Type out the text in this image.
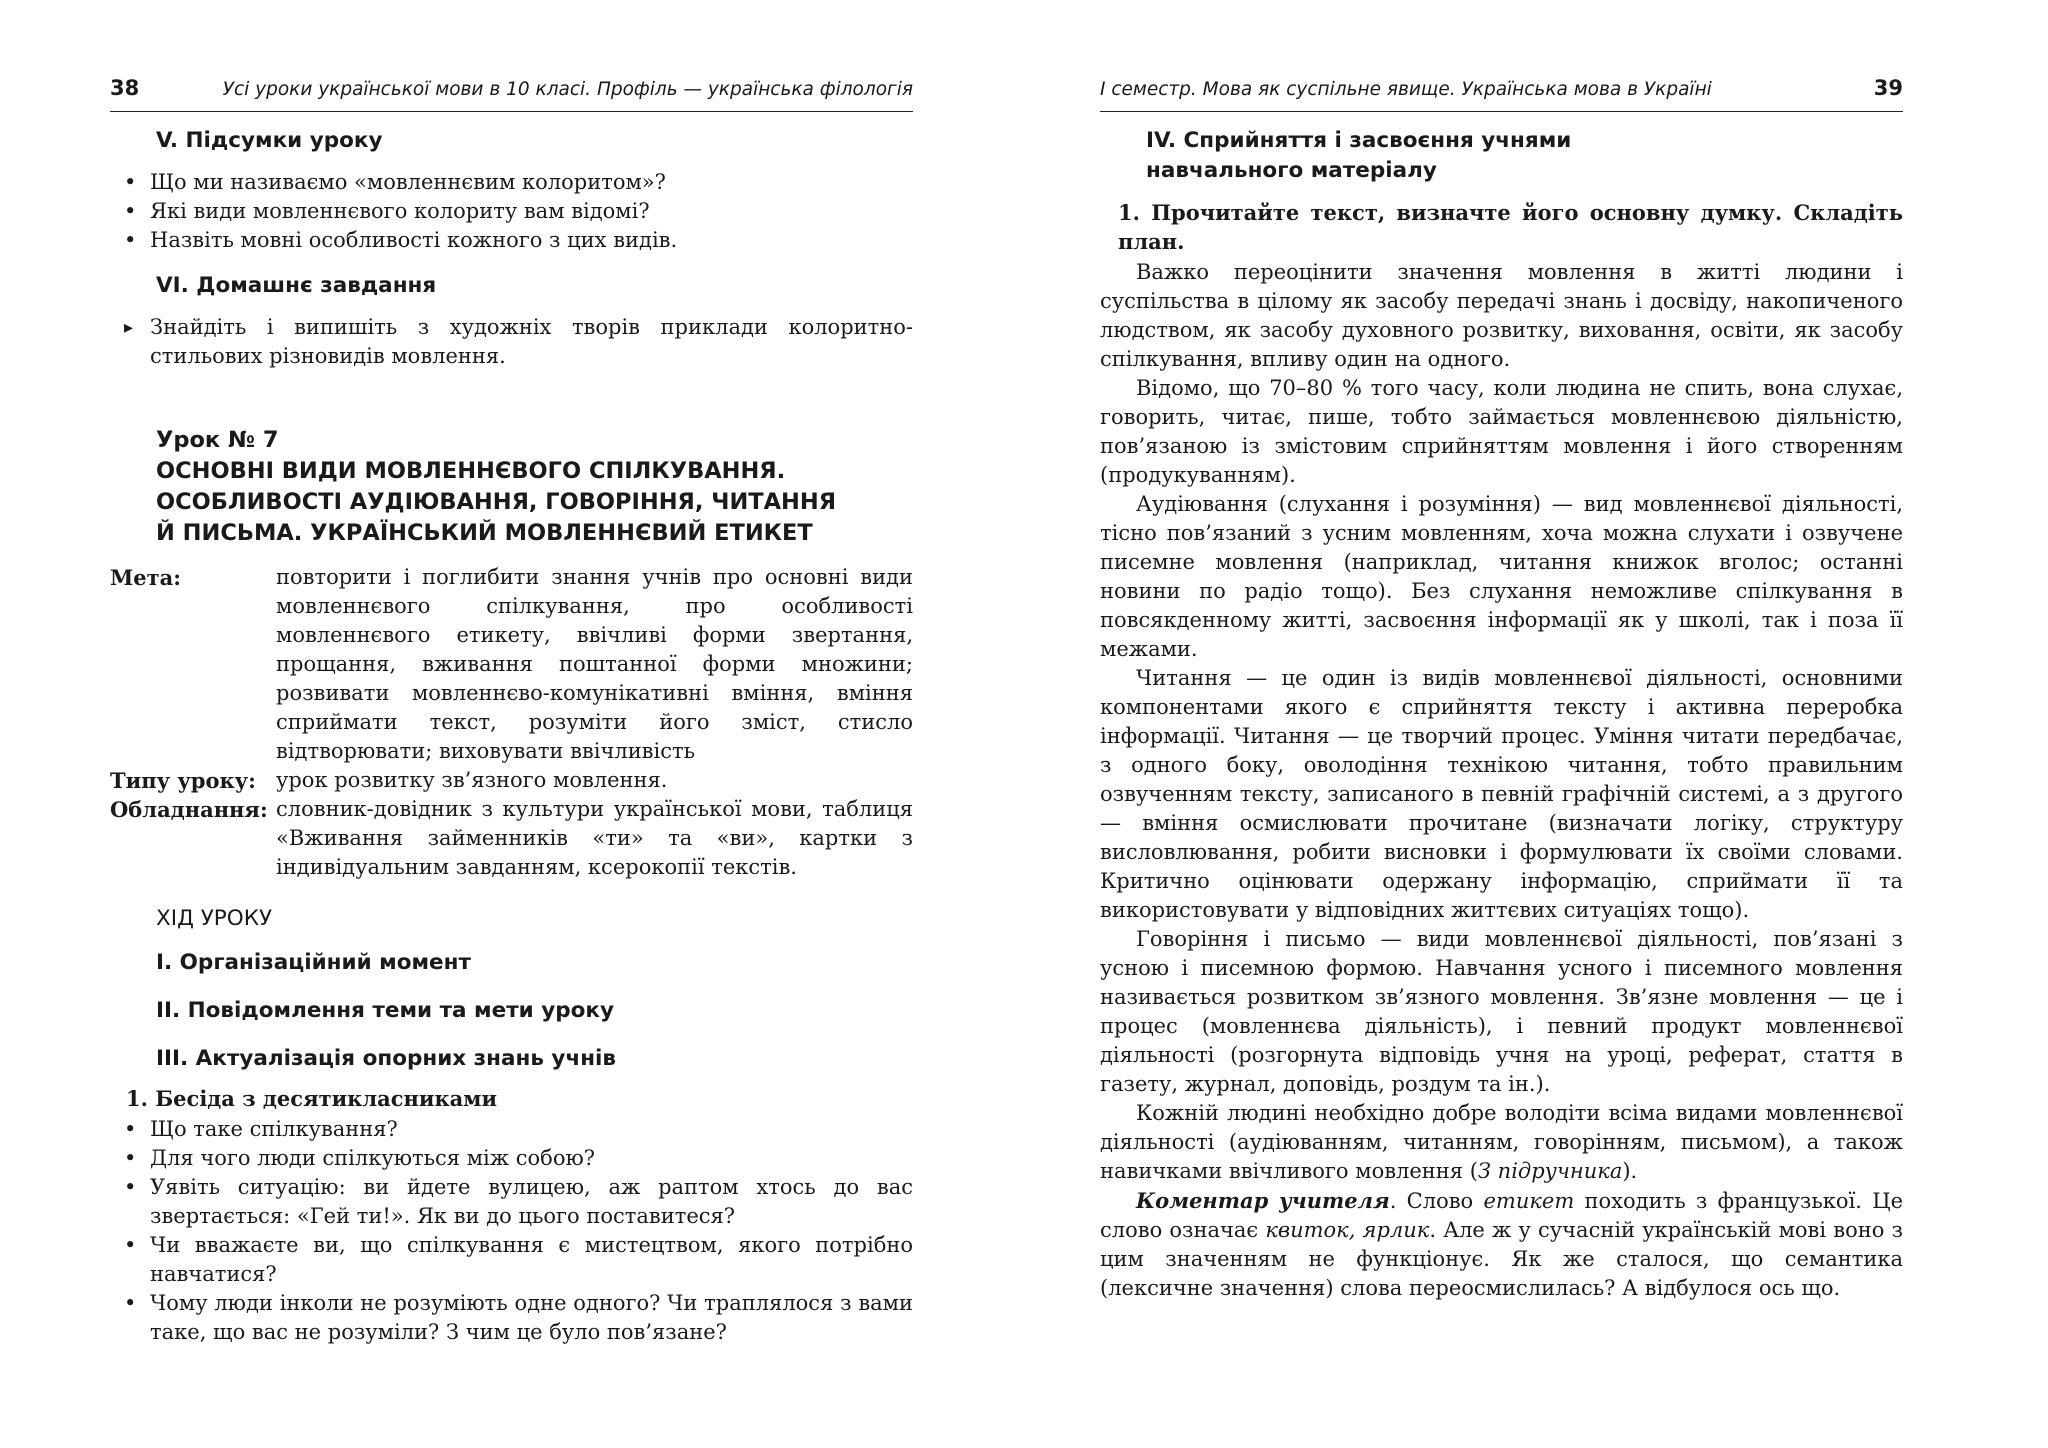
38	Усі уроки української мови в 10 класі. Профіль — українська філологія
V. Підсумки уроку
• Що ми називаємо «мовленнєвим колоритом»?
• Які види мовленнєвого колориту вам відомі?
• Назвіть мовні особливості кожного з цих видів.
VI. Домашнє завдання
▸ Знайдіть і випишіть з художніх творів приклади колоритно-стильових різновидів мовлення.
Урок № 7
ОСНОВНІ ВИДИ МОВЛЕННЄВОГО СПІЛКУВАННЯ.
ОСОБЛИВОСТІ АУДІЮВАННЯ, ГОВОРІННЯ, ЧИТАННЯ
Й ПИСЬМА. УКРАЇНСЬКИЙ МОВЛЕННЄВИЙ ЕТИКЕТ
Мета:	повторити і поглибити знання учнів про основні види мовленнєвого спілкування, про особливості мовленнєвого етикету, ввічливі форми звертання, прощання, вживання поштанної форми множини; розвивати мовленнєво-комунікативні вміння, вміння сприймати текст, розуміти його зміст, стисло відтворювати; виховувати ввічливість
Типу уроку: урок розвитку зв’язного мовлення.
Обладнання: словник-довідник з культури української мови, таблиця «Вживання займенників «ти» та «ви», картки з індивідуальним завданням, ксерокопії текстів.
ХІД УРОКУ
I. Організаційний момент
II. Повідомлення теми та мети уроку
III. Актуалізація опорних знань учнів
1. Бесіда з десятикласниками
• Що таке спілкування?
• Для чого люди спілкуються між собою?
• Уявіть ситуацію: ви йдете вулицею, аж раптом хтось до вас звертається: «Гей ти!». Як ви до цього поставитеся?
• Чи вважаєте ви, що спілкування є мистецтвом, якого потрібно навчатися?
• Чому люди інколи не розуміють одне одного? Чи траплялося з вами таке, що вас не розуміли? З чим це було пов’язане?
I семестр. Мова як суспільне явище. Українська мова в Україні	39
IV. Сприйняття і засвоєння учнями
навчального матеріалу
1. Прочитайте текст, визначте його основну думку. Складіть план.

Важко переоцінити значення мовлення в житті людини і суспільства в цілому як засобу передачі знань і досвіду, накопиченого людством, як засобу духовного розвитку, виховання, освіти, як засобу спілкування, впливу один на одного.

Відомо, що 70–80 % того часу, коли людина не спить, вона слухає, говорить, читає, пише, тобто займається мовленнєвою діяльністю, пов’язаною із змістовим сприйняттям мовлення і його створенням (продукуванням).

Аудіювання (слухання і розуміння) — вид мовленнєвої діяльності, тісно пов’язаний з усним мовленням, хоча можна слухати і озвучене писемне мовлення (наприклад, читання книжок вголос; останні новини по радіо тощо). Без слухання неможливе спілкування в повсякденному житті, засвоєння інформації як у школі, так і поза її межами.

Читання — це один із видів мовленнєвої діяльності, основними компонентами якого є сприйняття тексту і активна переробка інформації. Читання — це творчий процес. Уміння читати передбачає, з одного боку, оволодіння технікою читання, тобто правильним озвученням тексту, записаного в певній графічній системі, а з другого — вміння осмислювати прочитане (визначати логіку, структуру висловлювання, робити висновки і формулювати їх своїми словами. Критично оцінювати одержану інформацію, сприймати її та використовувати у відповідних життєвих ситуаціях тощо).

Говоріння і письмо — види мовленнєвої діяльності, пов’язані з усною і писемною формою. Навчання усного і писемного мовлення називається розвитком зв’язного мовлення. Зв’язне мовлення — це і процес (мовленнєва діяльність), і певний продукт мовленнєвої діяльності (розгорнута відповідь учня на уроці, реферат, стаття в газету, журнал, доповідь, роздум та ін.).

Кожній людині необхідно добре володіти всіма видами мовленнєвої діяльності (аудіюванням, читанням, говорінням, письмом), а також навичками ввічливого мовлення (З підручника).

Коментар учителя. Слово етикет походить з французької. Це слово означає квиток, ярлик. Але ж у сучасній українській мові воно з цим значенням не функціонує. Як же сталося, що семантика (лексичне значення) слова переосмислилась? А відбулося ось що.
